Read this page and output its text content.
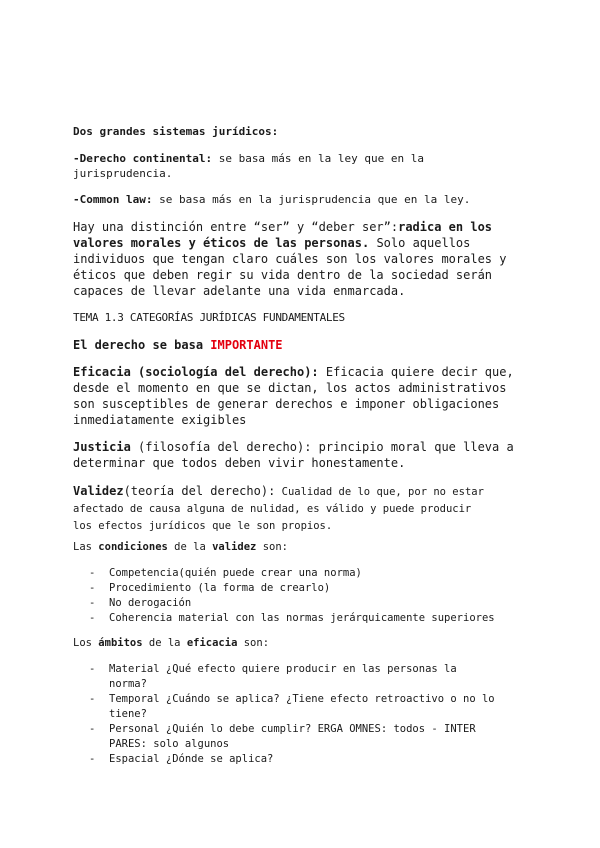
Dos grandes sistemas jurídicos:

-Derecho continental: se basa más en la ley que en la
jurisprudencia.

-Common law: se basa más en la jurisprudencia que en la ley.

Hay una distinción entre “ser” y “deber ser”:radica en los
valores morales y éticos de las personas. Solo aquellos
individuos que tengan claro cuáles son los valores morales y
éticos que deben regir su vida dentro de la sociedad serán
capaces de llevar adelante una vida enmarcada.

TEMA 1.3 CATEGORÍAS JURÍDICAS FUNDAMENTALES

El derecho se basa IMPORTANTE

Eficacia (sociología del derecho): Eficacia quiere decir que,
desde el momento en que se dictan, los actos administrativos
son susceptibles de generar derechos e imponer obligaciones
inmediatamente exigibles

Justicia (filosofía del derecho): principio moral que lleva a
determinar que todos deben vivir honestamente.

Validez(teoría del derecho): Cualidad de lo que, por no estar
afectado de causa alguna de nulidad, es válido y puede producir
los efectos jurídicos que le son propios.

Las condiciones de la validez son:

- Competencia(quién puede crear una norma)
- Procedimiento (la forma de crearlo)
- No derogación
- Coherencia material con las normas jerárquicamente superiores

Los ámbitos de la eficacia son:

- Material ¿Qué efecto quiere producir en las personas la
norma?
- Temporal ¿Cuándo se aplica? ¿Tiene efecto retroactivo o no lo
tiene?
- Personal ¿Quién lo debe cumplir? ERGA OMNES: todos - INTER
PARES: solo algunos
- Espacial ¿Dónde se aplica?
